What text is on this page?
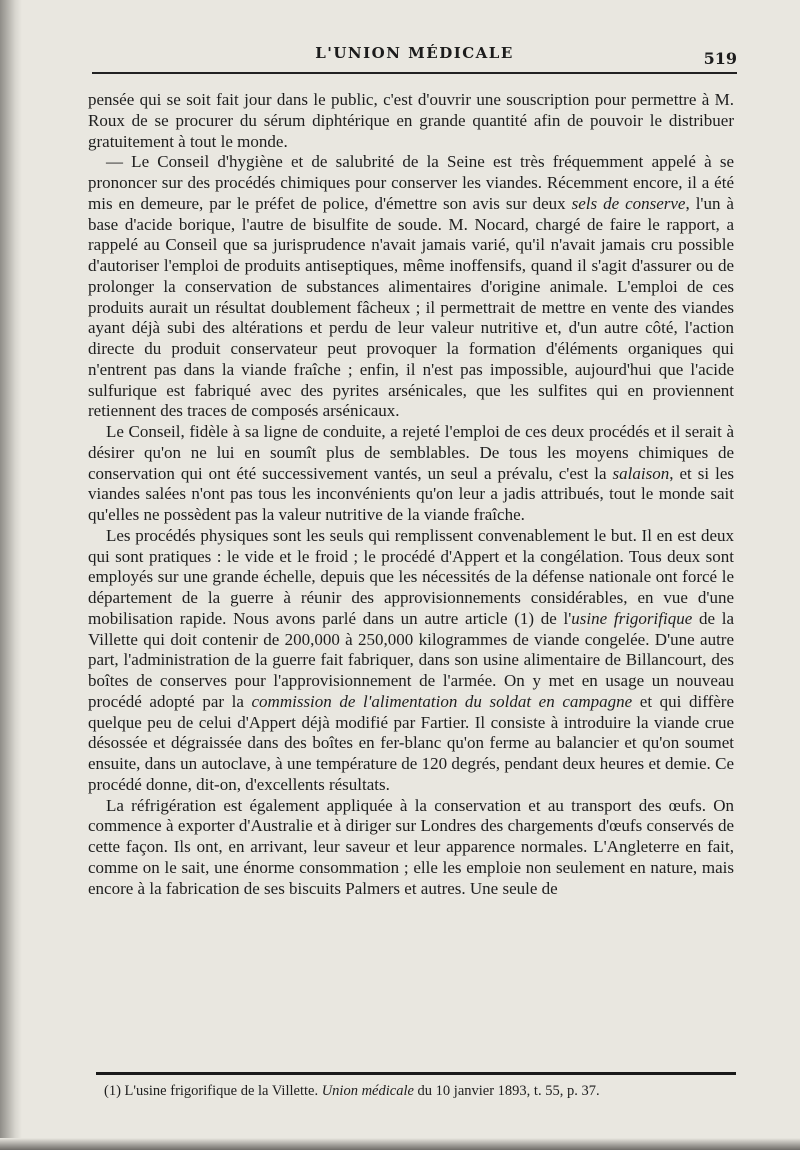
L'UNION MÉDICALE	519

pensée qui se soit fait jour dans le public, c'est d'ouvrir une souscription pour permettre à M. Roux de se procurer du sérum diphtérique en grande quantité afin de pouvoir le distribuer gratuitement à tout le monde.

— Le Conseil d'hygiène et de salubrité de la Seine est très fréquemment appelé à se prononcer sur des procédés chimiques pour conserver les viandes. Récemment encore, il a été mis en demeure, par le préfet de police, d'émettre son avis sur deux sels de conserve, l'un à base d'acide borique, l'autre de bisulfite de soude. M. Nocard, chargé de faire le rapport, a rappelé au Conseil que sa jurisprudence n'avait jamais varié, qu'il n'avait jamais cru possible d'autoriser l'emploi de produits antiseptiques, même inoffensifs, quand il s'agit d'assurer ou de prolonger la conservation de substances alimentaires d'origine animale. L'emploi de ces produits aurait un résultat doublement fâcheux ; il permettrait de mettre en vente des viandes ayant déjà subi des altérations et perdu de leur valeur nutritive et, d'un autre côté, l'action directe du produit conservateur peut provoquer la formation d'éléments organiques qui n'entrent pas dans la viande fraîche ; enfin, il n'est pas impossible, aujourd'hui que l'acide sulfurique est fabriqué avec des pyrites arsénicales, que les sulfites qui en proviennent retiennent des traces de composés arsénicaux.

Le Conseil, fidèle à sa ligne de conduite, a rejeté l'emploi de ces deux procédés et il serait à désirer qu'on ne lui en soumît plus de semblables. De tous les moyens chimiques de conservation qui ont été successivement vantés, un seul a prévalu, c'est la salaison, et si les viandes salées n'ont pas tous les inconvénients qu'on leur a jadis attribués, tout le monde sait qu'elles ne possèdent pas la valeur nutritive de la viande fraîche.

Les procédés physiques sont les seuls qui remplissent convenablement le but. Il en est deux qui sont pratiques : le vide et le froid ; le procédé d'Appert et la congélation. Tous deux sont employés sur une grande échelle, depuis que les nécessités de la défense nationale ont forcé le département de la guerre à réunir des approvisionnements considérables, en vue d'une mobilisation rapide. Nous avons parlé dans un autre article (1) de l'usine frigorifique de la Villette qui doit contenir de 200,000 à 250,000 kilogrammes de viande congelée. D'une autre part, l'administration de la guerre fait fabriquer, dans son usine alimentaire de Billancourt, des boîtes de conserves pour l'approvisionnement de l'armée. On y met en usage un nouveau procédé adopté par la commission de l'alimentation du soldat en campagne et qui diffère quelque peu de celui d'Appert déjà modifié par Fartier. Il consiste à introduire la viande crue désossée et dégraissée dans des boîtes en fer-blanc qu'on ferme au balancier et qu'on soumet ensuite, dans un autoclave, à une température de 120 degrés, pendant deux heures et demie. Ce procédé donne, dit-on, d'excellents résultats.

La réfrigération est également appliquée à la conservation et au transport des œufs. On commence à exporter d'Australie et à diriger sur Londres des chargements d'œufs conservés de cette façon. Ils ont, en arrivant, leur saveur et leur apparence normales. L'Angleterre en fait, comme on le sait, une énorme consommation ; elle les emploie non seulement en nature, mais encore à la fabrication de ses biscuits Palmers et autres. Une seule de

(1) L'usine frigorifique de la Villette. Union médicale du 10 janvier 1893, t. 55, p. 37.
